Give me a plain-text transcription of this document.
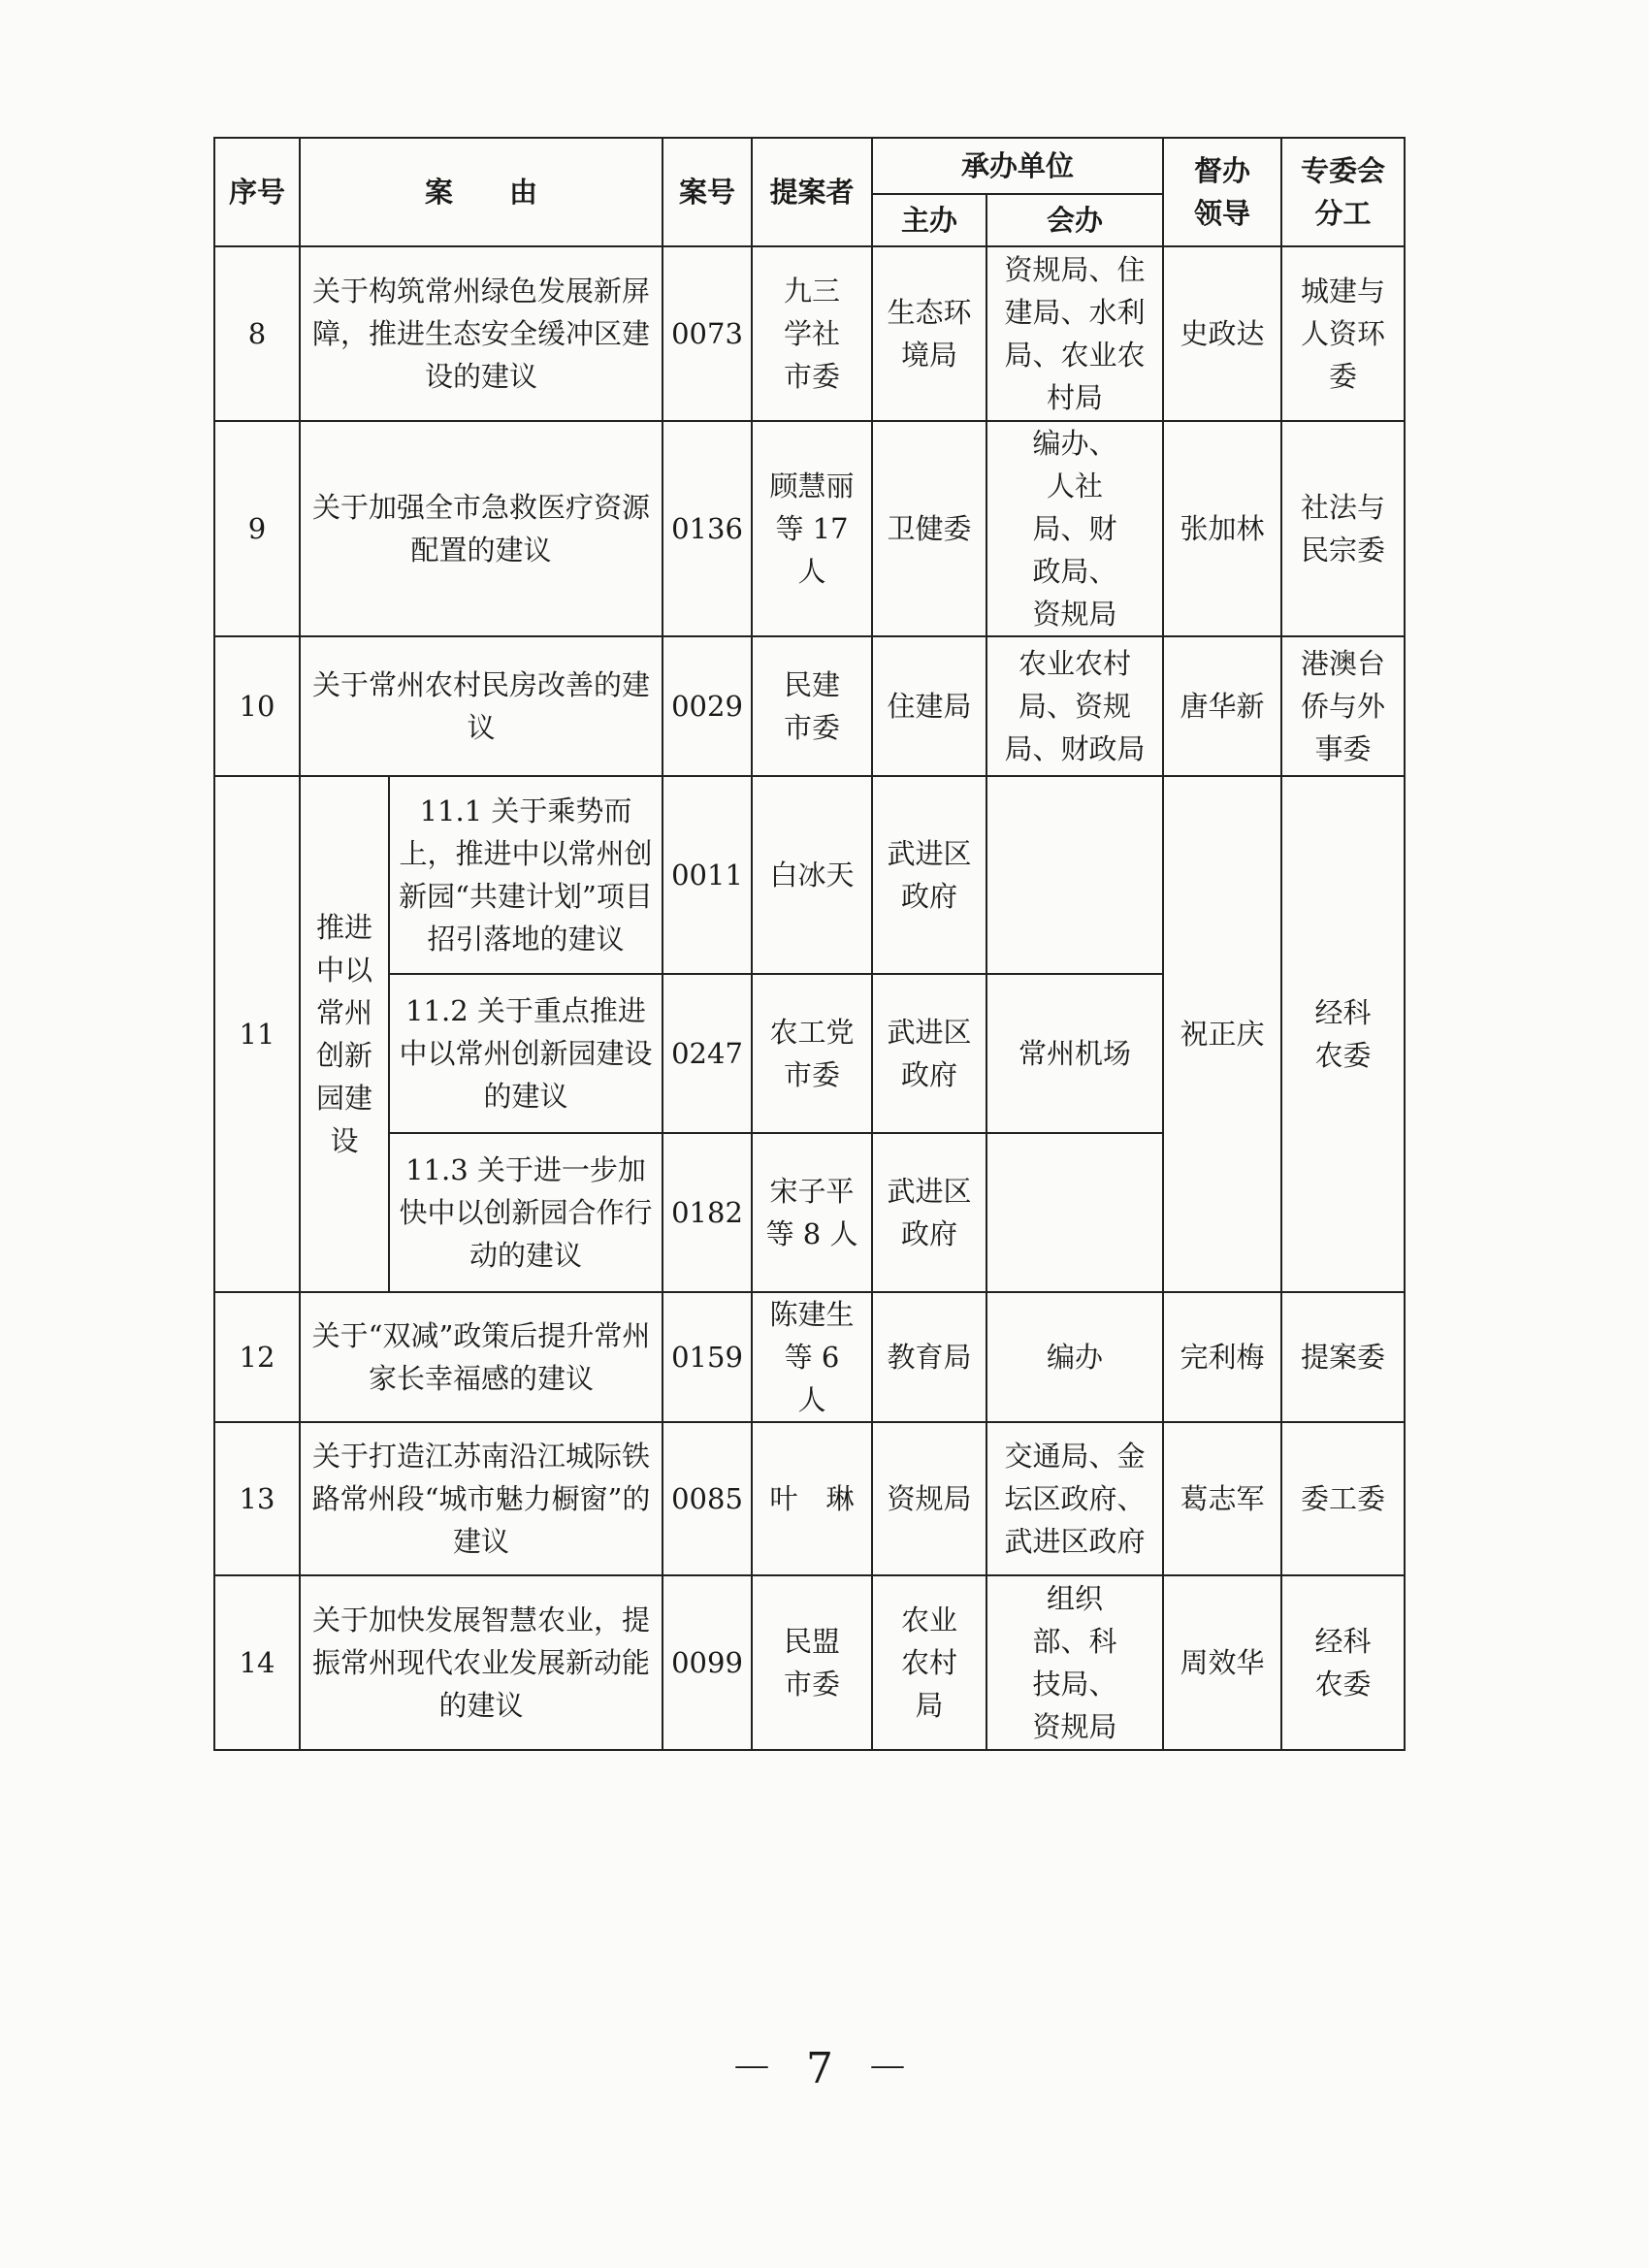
序号	案　　由		案号	提案者	承办单位		督办领导	专委会分工
					主办	会办		
8	关于构筑常州绿色发展新屏障，推进生态安全缓冲区建设的建议		0073	九三学社市委	生态环境局	资规局、住建局、水利局、农业农村局	史政达	城建与人资环委
9	关于加强全市急救医疗资源配置的建议		0136	顾慧丽等 17 人	卫健委	编办、人社局、财政局、资规局	张加林	社法与民宗委
10	关于常州农村民房改善的建议		0029	民建市委	住建局	农业农村局、资规局、财政局	唐华新	港澳台侨与外事委
11	推进中以常州创新园建设	11.1 关于乘势而上，推进中以常州创新园“共建计划”项目招引落地的建议	0011	白冰天	武进区政府		祝正庆	经科农委
		11.2 关于重点推进中以常州创新园建设的建议	0247	农工党市委	武进区政府	常州机场		
		11.3 关于进一步加快中以创新园合作行动的建议	0182	宋子平等 8 人	武进区政府			
12	关于“双减”政策后提升常州家长幸福感的建议		0159	陈建生等 6 人	教育局	编办	完利梅	提案委
13	关于打造江苏南沿江城际铁路常州段“城市魅力橱窗”的建议		0085	叶　琳	资规局	交通局、金坛区政府、武进区政府	葛志军	委工委
14	关于加快发展智慧农业，提振常州现代农业发展新动能的建议		0099	民盟市委	农业农村局	组织部、科技局、资规局	周效华	经科农委
－ 7 －
